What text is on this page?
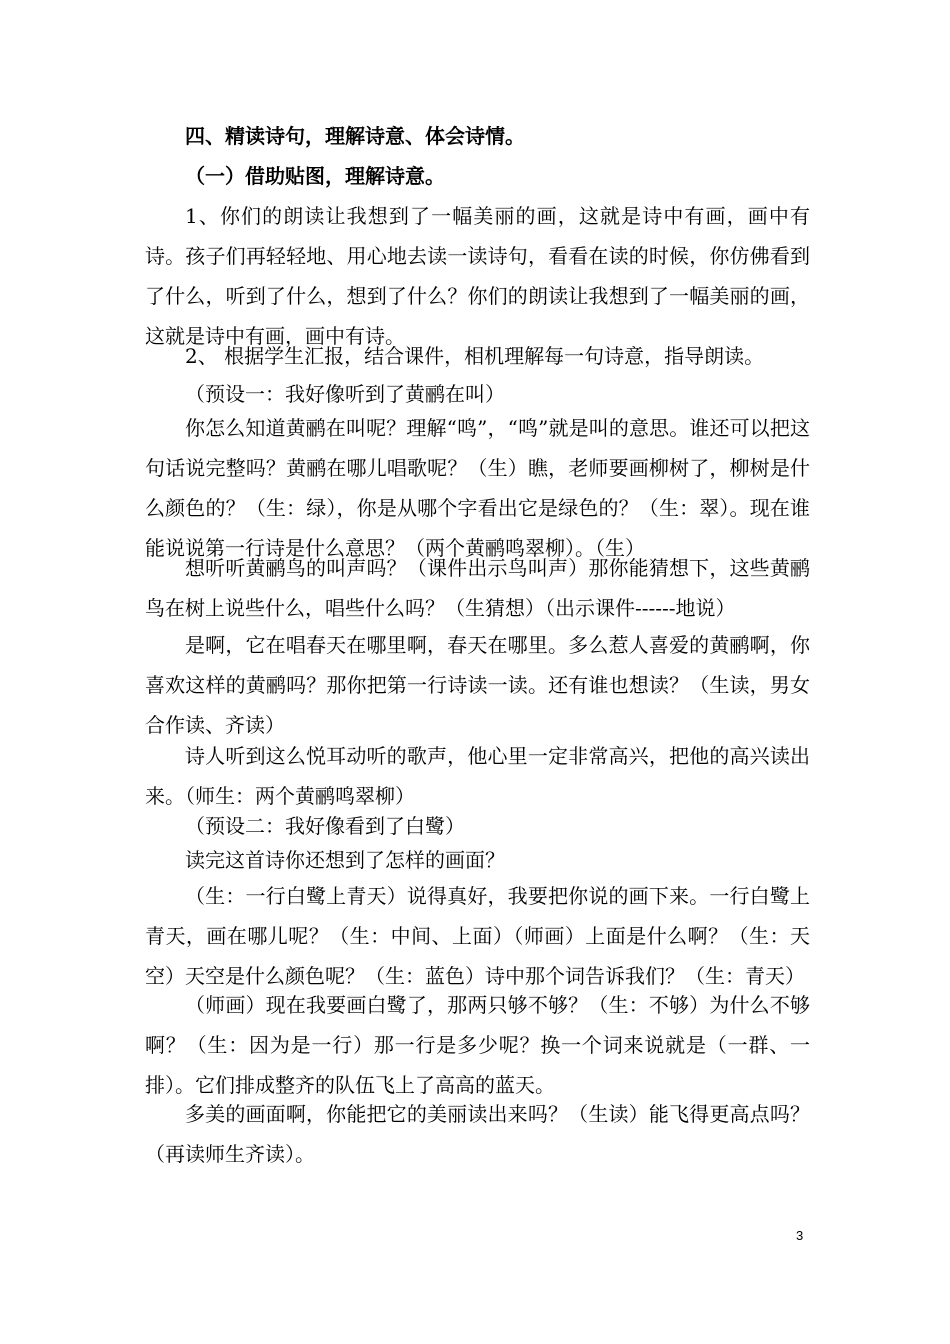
四、精读诗句，理解诗意、体会诗情。

（一）借助贴图，理解诗意。

1、你们的朗读让我想到了一幅美丽的画，这就是诗中有画，画中有诗。孩子们再轻轻地、用心地去读一读诗句，看看在读的时候，你仿佛看到了什么，听到了什么，想到了什么？你们的朗读让我想到了一幅美丽的画，这就是诗中有画，画中有诗。

2、 根据学生汇报，结合课件，相机理解每一句诗意，指导朗读。

（预设一：我好像听到了黄鹂在叫）

你怎么知道黄鹂在叫呢？理解“鸣”，“鸣”就是叫的意思。谁还可以把这句话说完整吗？黄鹂在哪儿唱歌呢？（生）瞧，老师要画柳树了，柳树是什么颜色的？（生：绿），你是从哪个字看出它是绿色的？（生：翠）。现在谁能说说第一行诗是什么意思？（两个黄鹂鸣翠柳）。（生）

想听听黄鹂鸟的叫声吗？（课件出示鸟叫声）那你能猜想下，这些黄鹂鸟在树上说些什么，唱些什么吗？（生猜想）（出示课件------地说）

是啊，它在唱春天在哪里啊，春天在哪里。多么惹人喜爱的黄鹂啊，你喜欢这样的黄鹂吗？那你把第一行诗读一读。还有谁也想读？（生读，男女合作读、齐读）

诗人听到这么悦耳动听的歌声，他心里一定非常高兴，把他的高兴读出来。（师生：两个黄鹂鸣翠柳）

（预设二：我好像看到了白鹭）

读完这首诗你还想到了怎样的画面？

（生：一行白鹭上青天）说得真好，我要把你说的画下来。一行白鹭上青天，画在哪儿呢？（生：中间、上面）（师画）上面是什么啊？（生：天空）天空是什么颜色呢？（生：蓝色）诗中那个词告诉我们？（生：青天）

（师画）现在我要画白鹭了，那两只够不够？（生：不够）为什么不够啊？（生：因为是一行）那一行是多少呢？换一个词来说就是（一群、一排）。它们排成整齐的队伍飞上了高高的蓝天。

多美的画面啊，你能把它的美丽读出来吗？（生读）能飞得更高点吗？（再读师生齐读）。

3
